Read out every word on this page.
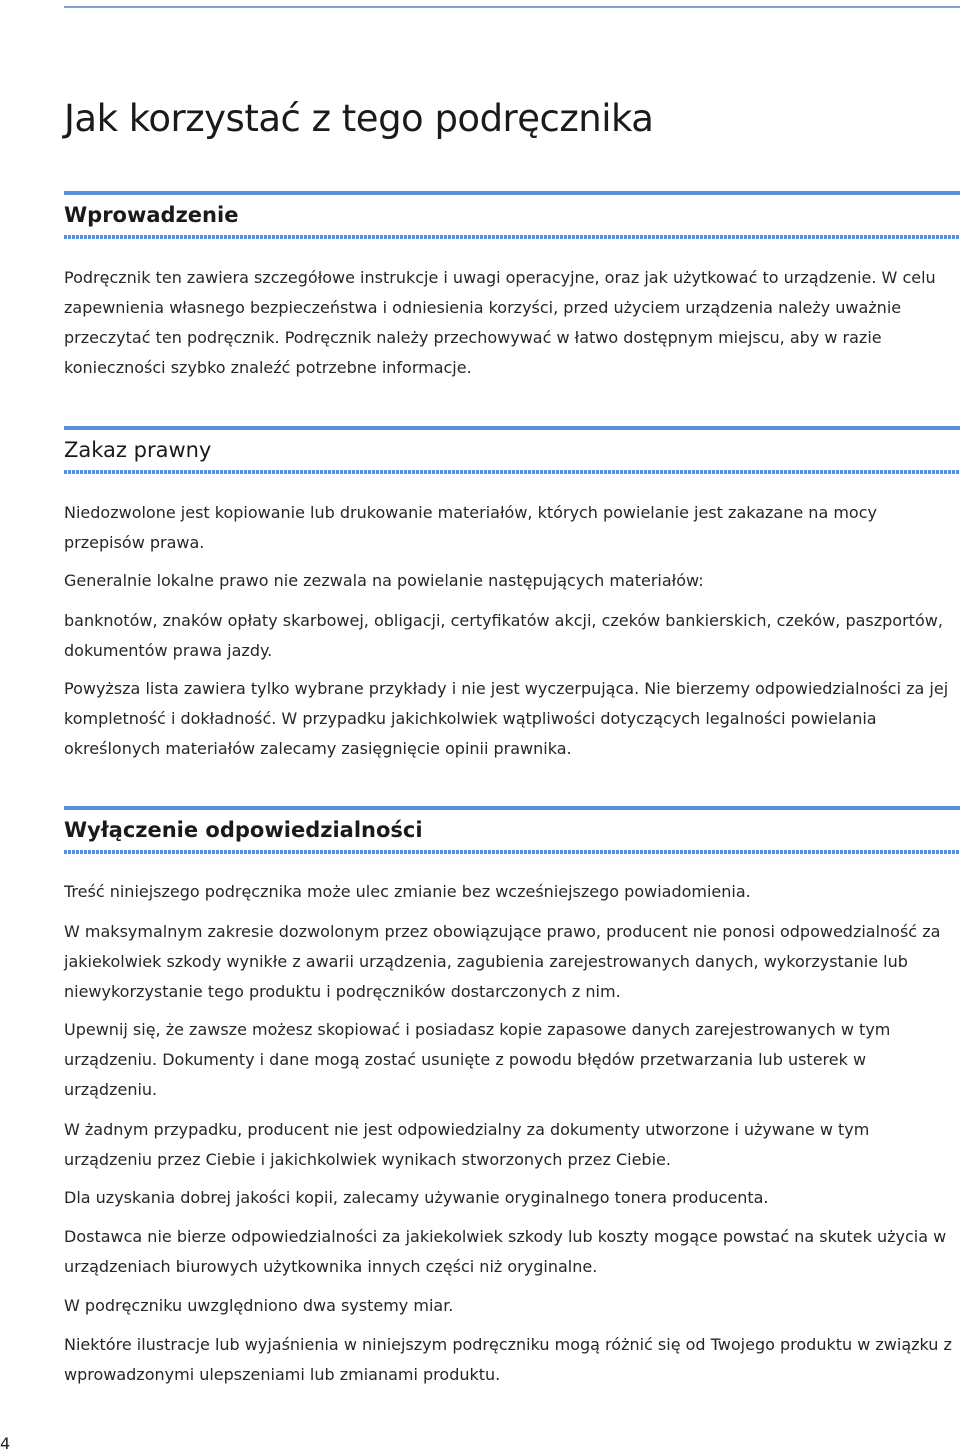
Jak korzystać z tego podręcznika
Wprowadzenie

Podręcznik ten zawiera szczegółowe instrukcje i uwagi operacyjne, oraz jak użytkować to urządzenie. W celu zapewnienia własnego bezpieczeństwa i odniesienia korzyści, przed użyciem urządzenia należy uważnie przeczytać ten podręcznik. Podręcznik należy przechowywać w łatwo dostępnym miejscu, aby w razie konieczności szybko znaleźć potrzebne informacje.

Zakaz prawny

Niedozwolone jest kopiowanie lub drukowanie materiałów, których powielanie jest zakazane na mocy przepisów prawa.

Generalnie lokalne prawo nie zezwala na powielanie następujących materiałów:

banknotów, znaków opłaty skarbowej, obligacji, certyfikatów akcji, czeków bankierskich, czeków, paszportów, dokumentów prawa jazdy.

Powyższa lista zawiera tylko wybrane przykłady i nie jest wyczerpująca. Nie bierzemy odpowiedzialności za jej kompletność i dokładność. W przypadku jakichkolwiek wątpliwości dotyczących legalności powielania określonych materiałów zalecamy zasięgnięcie opinii prawnika.

Wyłączenie odpowiedzialności

Treść niniejszego podręcznika może ulec zmianie bez wcześniejszego powiadomienia.

W maksymalnym zakresie dozwolonym przez obowiązujące prawo, producent nie ponosi odpowedzialność za jakiekolwiek szkody wynikłe z awarii urządzenia, zagubienia zarejestrowanych danych, wykorzystanie lub niewykorzystanie tego produktu i podręczników dostarczonych z nim.

Upewnij się, że zawsze możesz skopiować i posiadasz kopie zapasowe danych zarejestrowanych w tym urządzeniu. Dokumenty i dane mogą zostać usunięte z powodu błędów przetwarzania lub usterek w urządzeniu.

W żadnym przypadku, producent nie jest odpowiedzialny za dokumenty utworzone i używane w tym urządzeniu przez Ciebie i jakichkolwiek wynikach stworzonych przez Ciebie.

Dla uzyskania dobrej jakości kopii, zalecamy używanie oryginalnego tonera producenta.

Dostawca nie bierze odpowiedzialności za jakiekolwiek szkody lub koszty mogące powstać na skutek użycia w urządzeniach biurowych użytkownika innych części niż oryginalne.

W podręczniku uwzględniono dwa systemy miar.

Niektóre ilustracje lub wyjaśnienia w niniejszym podręczniku mogą różnić się od Twojego produktu w związku z wprowadzonymi ulepszeniami lub zmianami produktu.

4
